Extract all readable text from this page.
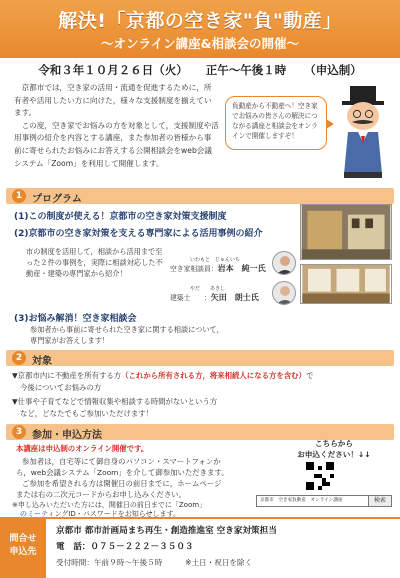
解決!「京都の空き家"負"動産」
～オンライン講座&相談会の開催～
令和３年１０月２６日（火） 正午～午後１時 （申込制）

京都市では，空き家の活用・流通を促進するために，所有者や活用したい方に向けた，様々な支援制度を揃えています。

この度，空き家でお悩みの方を対象として，支援制度や活用事例の紹介を内容とする講座，また参加者の皆様から事前に寄せられたお悩みにお答えする公開相談会をweb会議システム「Zoom」を利用して開催します。

負動産から不動産へ！空き家でお悩みの皆さんの解決につながる講座と相談会をオンラインで開催しますぞ！
1 プログラム
(1)この制度が使える！京都市の空き家対策支援制度
(2)京都市の空き家対策を支える専門家による活用事例の紹介
市の制度を活用して，相談から活用まで至った２件の事例を，実際に相談対応した不動産・建築の専門家から紹介！
いわもと　じゅんいち
空き家相談員：岩本　純一氏
やだ　　あきし
建築士　　：矢田　朗士氏
(3)お悩み解消！空き家相談会
参加者から事前に寄せられた空き家に関する相談について，
専門家がお答えします！
2 対象
▼京都市内に不動産を所有する方（これから所有される方，将来相続人になる方を含む）で
今後についてお悩みの方
▼仕事や子育てなどで情報収集や相談する時間がないという方
など，どなたでもご参加いただけます！
3 参加・申込方法
本講座は申込制のオンライン開催です。
参加者は，自宅等にて御自身のパソコン・スマートフォンか
ら，web会議システム「Zoom」を介して御参加いただきます。
ご参加を希望される方は開催日の前日までに，ホームページ
または右の二次元コードからお申し込みください。
※申し込みいただいた方には，開催日の前日までに「Zoom」
のミーティングID・パスワードをお知らせします。
こちらから
お申込ください！↓↓
京都市　空き家負動産　オンライン講座	検索
問合せ
申込先
京都市 都市計画局まち再生・創造推進室 空き家対策担当
電　話：０７５－２２２－３５０３
受付時間：午前９時～午後５時　　　※土日・祝日を除く
